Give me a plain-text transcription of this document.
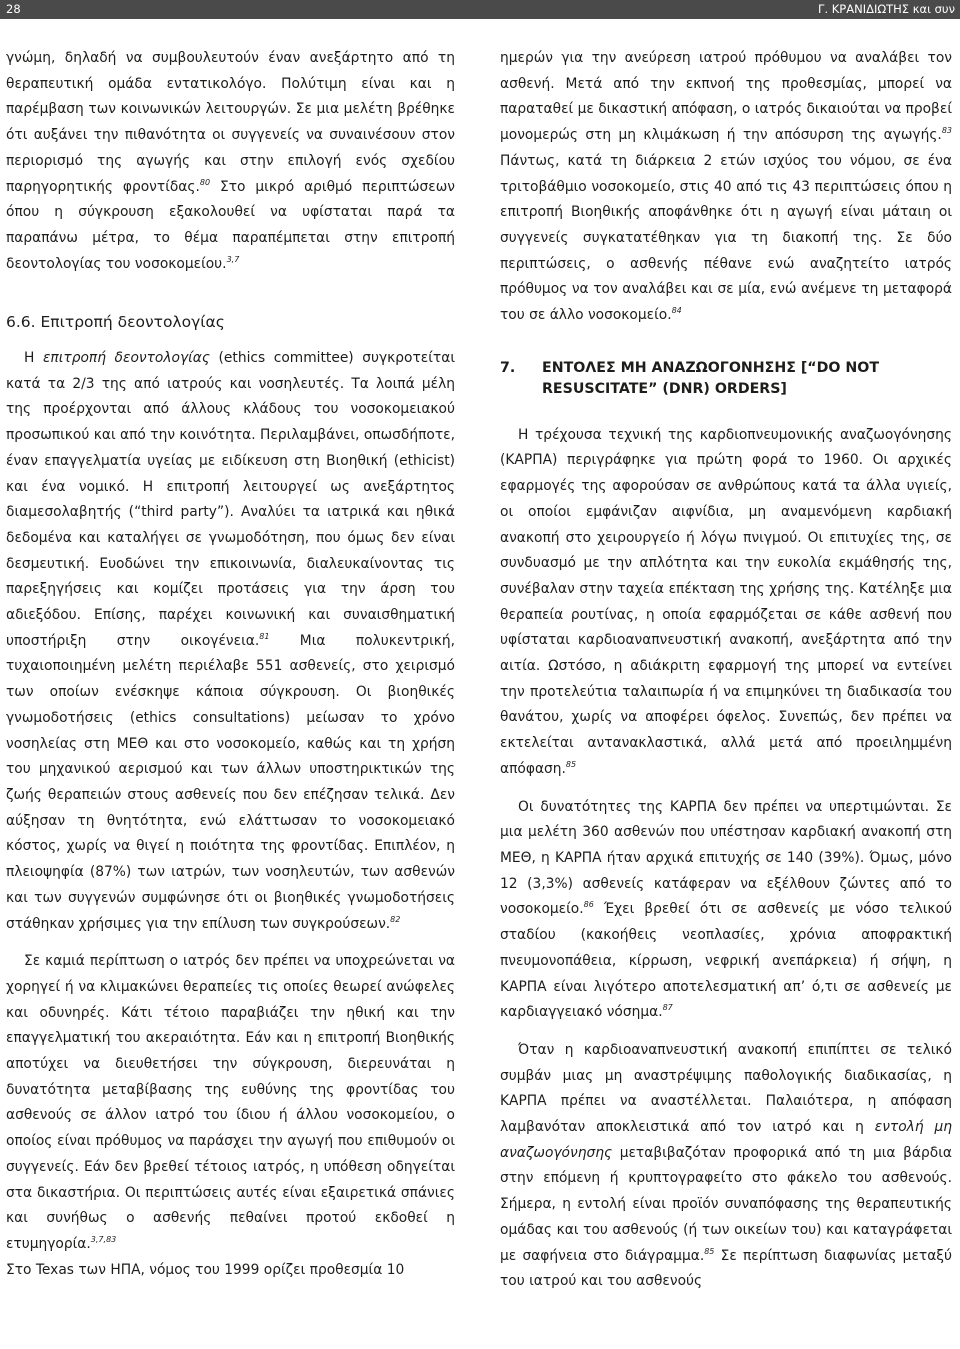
28	Γ. ΚΡΑΝΙΔΙΩΤΗΣ και συν

γνώμη, δηλαδή να συμβουλευτούν έναν ανεξάρτητο από τη θεραπευτική ομάδα εντατικολόγο. Πολύτιμη είναι και η παρέμβαση των κοινωνικών λειτουργών. Σε μια μελέτη βρέθηκε ότι αυξάνει την πιθανότητα οι συγγενείς να συναινέσουν στον περιορισμό της αγωγής και στην επιλογή ενός σχεδίου παρηγορητικής φροντίδας.$^{80}$ Στο μικρό αριθμό περιπτώσεων όπου η σύγκρουση εξακολουθεί να υφίσταται παρά τα παραπάνω μέτρα, το θέμα παραπέμπεται στην επιτροπή δεοντολογίας του νοσοκομείου.$^{3,7}$

6.6. Επιτροπή δεοντολογίας

Η επιτροπή δεοντολογίας (ethics committee) συγκροτείται κατά τα 2/3 της από ιατρούς και νοσηλευτές. Τα λοιπά μέλη της προέρχονται από άλλους κλάδους του νοσοκομειακού προσωπικού και από την κοινότητα. Περιλαμβάνει, οπωσδήποτε, έναν επαγγελματία υγείας με ειδίκευση στη Βιοηθική (ethicist) και ένα νομικό. Η επιτροπή λειτουργεί ως ανεξάρτητος διαμεσολαβητής (“third party”). Αναλύει τα ιατρικά και ηθικά δεδομένα και καταλήγει σε γνωμοδότηση, που όμως δεν είναι δεσμευτική. Ευοδώνει την επικοινωνία, διαλευκαίνοντας τις παρεξηγήσεις και κομίζει προτάσεις για την άρση του αδιεξόδου. Επίσης, παρέχει κοινωνική και συναισθηματική υποστήριξη στην οικογένεια.$^{81}$ Μια πολυκεντρική, τυχαιοποιημένη μελέτη περιέλαβε 551 ασθενείς, στο χειρισμό των οποίων ενέσκηψε κάποια σύγκρουση. Οι βιοηθικές γνωμοδοτήσεις (ethics consultations) μείωσαν το χρόνο νοσηλείας στη ΜΕΘ και στο νοσοκομείο, καθώς και τη χρήση του μηχανικού αερισμού και των άλλων υποστηρικτικών της ζωής θεραπειών στους ασθενείς που δεν επέζησαν τελικά. Δεν αύξησαν τη θνητότητα, ενώ ελάττωσαν το νοσοκομειακό κόστος, χωρίς να θιγεί η ποιότητα της φροντίδας. Επιπλέον, η πλειοψηφία (87%) των ιατρών, των νοσηλευτών, των ασθενών και των συγγενών συμφώνησε ότι οι βιοηθικές γνωμοδοτήσεις στάθηκαν χρήσιμες για την επίλυση των συγκρούσεων.$^{82}$

Σε καμιά περίπτωση ο ιατρός δεν πρέπει να υποχρεώνεται να χορηγεί ή να κλιμακώνει θεραπείες τις οποίες θεωρεί ανώφελες και οδυνηρές. Κάτι τέτοιο παραβιάζει την ηθική και την επαγγελματική του ακεραιότητα. Εάν και η επιτροπή Βιοηθικής αποτύχει να διευθετήσει την σύγκρουση, διερευνάται η δυνατότητα μεταβίβασης της ευθύνης της φροντίδας του ασθενούς σε άλλον ιατρό του ίδιου ή άλλου νοσοκομείου, ο οποίος είναι πρόθυμος να παράσχει την αγωγή που επιθυμούν οι συγγενείς. Εάν δεν βρεθεί τέτοιος ιατρός, η υπόθεση οδηγείται στα δικαστήρια. Οι περιπτώσεις αυτές είναι εξαιρετικά σπάνιες και συνήθως ο ασθενής πεθαίνει προτού εκδοθεί η ετυμηγορία.$^{3,7,83}$

Στο Texas των ΗΠΑ, νόμος του 1999 ορίζει προθεσμία 10

ημερών για την ανεύρεση ιατρού πρόθυμου να αναλάβει τον ασθενή. Μετά από την εκπνοή της προθεσμίας, μπορεί να παραταθεί με δικαστική απόφαση, ο ιατρός δικαιούται να προβεί μονομερώς στη μη κλιμάκωση ή την απόσυρση της αγωγής.$^{83}$ Πάντως, κατά τη διάρκεια 2 ετών ισχύος του νόμου, σε ένα τριτοβάθμιο νοσοκομείο, στις 40 από τις 43 περιπτώσεις όπου η επιτροπή Βιοηθικής αποφάνθηκε ότι η αγωγή είναι μάταιη οι συγγενείς συγκατατέθηκαν για τη διακοπή της. Σε δύο περιπτώσεις, ο ασθενής πέθανε ενώ αναζητείτο ιατρός πρόθυμος να τον αναλάβει και σε μία, ενώ ανέμενε τη μεταφορά του σε άλλο νοσοκομείο.$^{84}$

7. ΕΝΤΟΛΕΣ ΜΗ ΑΝΑΖΩΟΓΟΝΗΣΗΣ [“DO NOT RESUSCITATE” (DNR) ORDERS]

Η τρέχουσα τεχνική της καρδιοπνευμονικής αναζωογόνησης (ΚΑΡΠΑ) περιγράφηκε για πρώτη φορά το 1960. Οι αρχικές εφαρμογές της αφορούσαν σε ανθρώπους κατά τα άλλα υγιείς, οι οποίοι εμφάνιζαν αιφνίδια, μη αναμενόμενη καρδιακή ανακοπή στο χειρουργείο ή λόγω πνιγμού. Οι επιτυχίες της, σε συνδυασμό με την απλότητα και την ευκολία εκμάθησής της, συνέβαλαν στην ταχεία επέκταση της χρήσης της. Κατέληξε μια θεραπεία ρουτίνας, η οποία εφαρμόζεται σε κάθε ασθενή που υφίσταται καρδιοαναπνευστική ανακοπή, ανεξάρτητα από την αιτία. Ωστόσο, η αδιάκριτη εφαρμογή της μπορεί να εντείνει την προτελεύτια ταλαιπωρία ή να επιμηκύνει τη διαδικασία του θανάτου, χωρίς να αποφέρει όφελος. Συνεπώς, δεν πρέπει να εκτελείται αντανακλαστικά, αλλά μετά από προειλημμένη απόφαση.$^{85}$

Οι δυνατότητες της ΚΑΡΠΑ δεν πρέπει να υπερτιμώνται. Σε μια μελέτη 360 ασθενών που υπέστησαν καρδιακή ανακοπή στη ΜΕΘ, η ΚΑΡΠΑ ήταν αρχικά επιτυχής σε 140 (39%). Όμως, μόνο 12 (3,3%) ασθενείς κατάφεραν να εξέλθουν ζώντες από το νοσοκομείο.$^{86}$ Έχει βρεθεί ότι σε ασθενείς με νόσο τελικού σταδίου (κακοήθεις νεοπλασίες, χρόνια αποφρακτική πνευμονοπάθεια, κίρρωση, νεφρική ανεπάρκεια) ή σήψη, η ΚΑΡΠΑ είναι λιγότερο αποτελεσματική απ’ ό,τι σε ασθενείς με καρδιαγγειακό νόσημα.$^{87}$

Όταν η καρδιοαναπνευστική ανακοπή επιπίπτει σε τελικό συμβάν μιας μη αναστρέψιμης παθολογικής διαδικασίας, η ΚΑΡΠΑ πρέπει να αναστέλλεται. Παλαιότερα, η απόφαση λαμβανόταν αποκλειστικά από τον ιατρό και η εντολή μη αναζωογόνησης μεταβιβαζόταν προφορικά από τη μια βάρδια στην επόμενη ή κρυπτογραφείτο στο φάκελο του ασθενούς. Σήμερα, η εντολή είναι προϊόν συναπόφασης της θεραπευτικής ομάδας και του ασθενούς (ή των οικείων του) και καταγράφεται με σαφήνεια στο διάγραμμα.$^{85}$ Σε περίπτωση διαφωνίας μεταξύ του ιατρού και του ασθενούς
